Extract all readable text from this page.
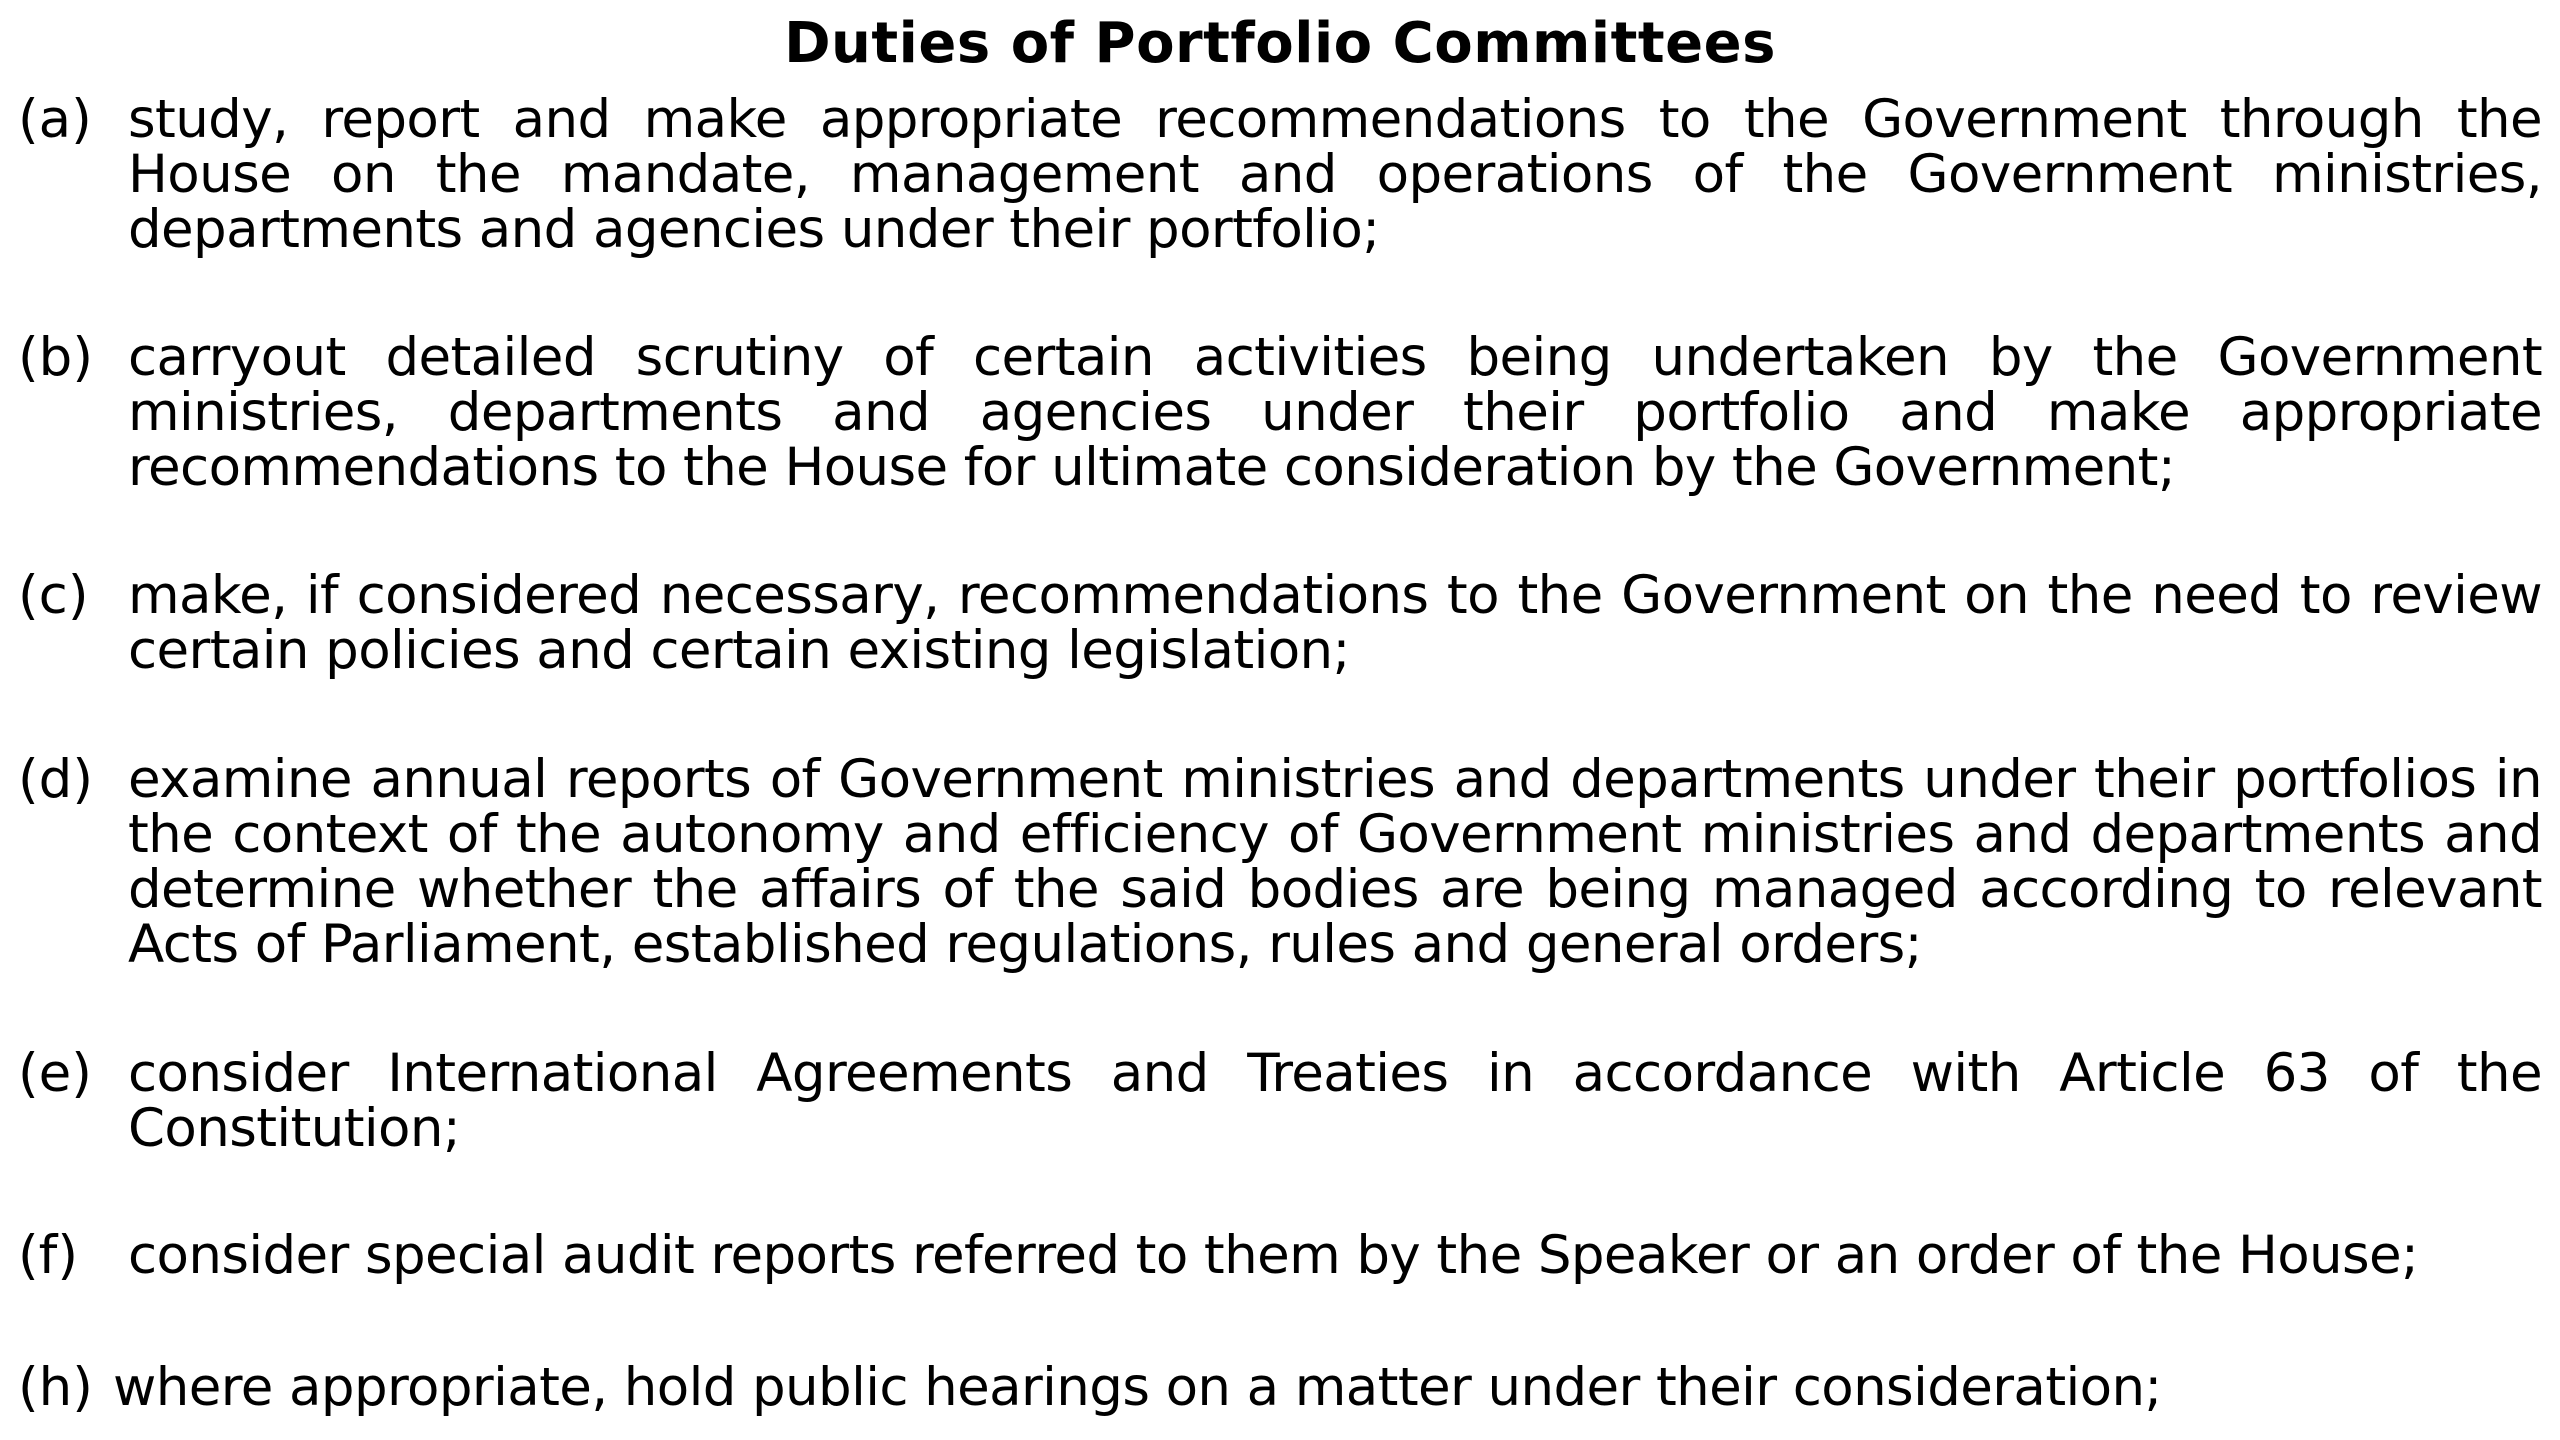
Duties of Portfolio Committees
(a) study, report and make appropriate recommendations to the Government through the House on the mandate, management and operations of the Government ministries, departments and agencies under their portfolio;
(b) carryout detailed scrutiny of certain activities being undertaken by the Government ministries, departments and agencies under their portfolio and make appropriate recommendations to the House for ultimate consideration by the Government;
(c) make, if considered necessary, recommendations to the Government on the need to review certain policies and certain existing legislation;
(d) examine annual reports of Government ministries and departments under their portfolios in the context of the autonomy and efficiency of Government ministries and departments and determine whether the affairs of the said bodies are being managed according to relevant Acts of Parliament, established regulations, rules and general orders;
(e) consider International Agreements and Treaties in accordance with Article 63 of the Constitution;
(f) consider special audit reports referred to them by the Speaker or an order of the House;
(h) where appropriate, hold public hearings on a matter under their consideration;
